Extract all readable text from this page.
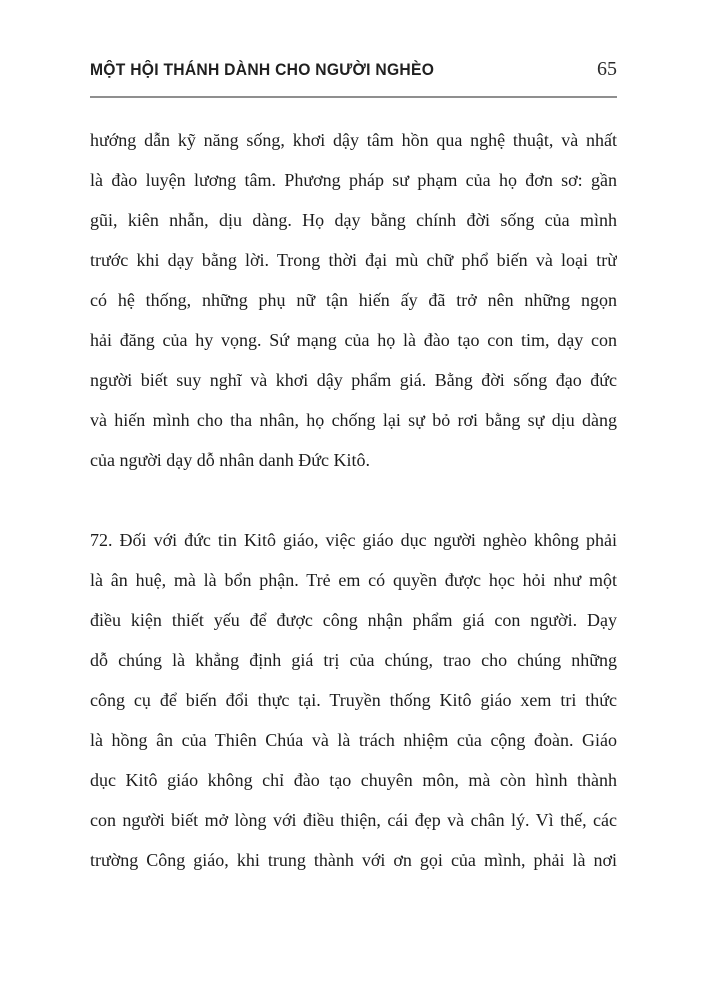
MỘT HỘI THÁNH DÀNH CHO NGƯỜI NGHÈO	65
hướng dẫn kỹ năng sống, khơi dậy tâm hồn qua nghệ thuật, và nhất
là đào luyện lương tâm. Phương pháp sư phạm của họ đơn sơ: gần
gũi, kiên nhẫn, dịu dàng. Họ dạy bằng chính đời sống của mình
trước khi dạy bằng lời. Trong thời đại mù chữ phổ biến và loại trừ
có hệ thống, những phụ nữ tận hiến ấy đã trở nên những ngọn
hải đăng của hy vọng. Sứ mạng của họ là đào tạo con tim, dạy con
người biết suy nghĩ và khơi dậy phẩm giá. Bằng đời sống đạo đức
và hiến mình cho tha nhân, họ chống lại sự bỏ rơi bằng sự dịu dàng
của người dạy dỗ nhân danh Đức Kitô.
72. Đối với đức tin Kitô giáo, việc giáo dục người nghèo không phải
là ân huệ, mà là bổn phận. Trẻ em có quyền được học hỏi như một
điều kiện thiết yếu để được công nhận phẩm giá con người. Dạy
dỗ chúng là khẳng định giá trị của chúng, trao cho chúng những
công cụ để biến đổi thực tại. Truyền thống Kitô giáo xem tri thức
là hồng ân của Thiên Chúa và là trách nhiệm của cộng đoàn. Giáo
dục Kitô giáo không chỉ đào tạo chuyên môn, mà còn hình thành
con người biết mở lòng với điều thiện, cái đẹp và chân lý. Vì thế, các
trường Công giáo, khi trung thành với ơn gọi của mình, phải là nơi
